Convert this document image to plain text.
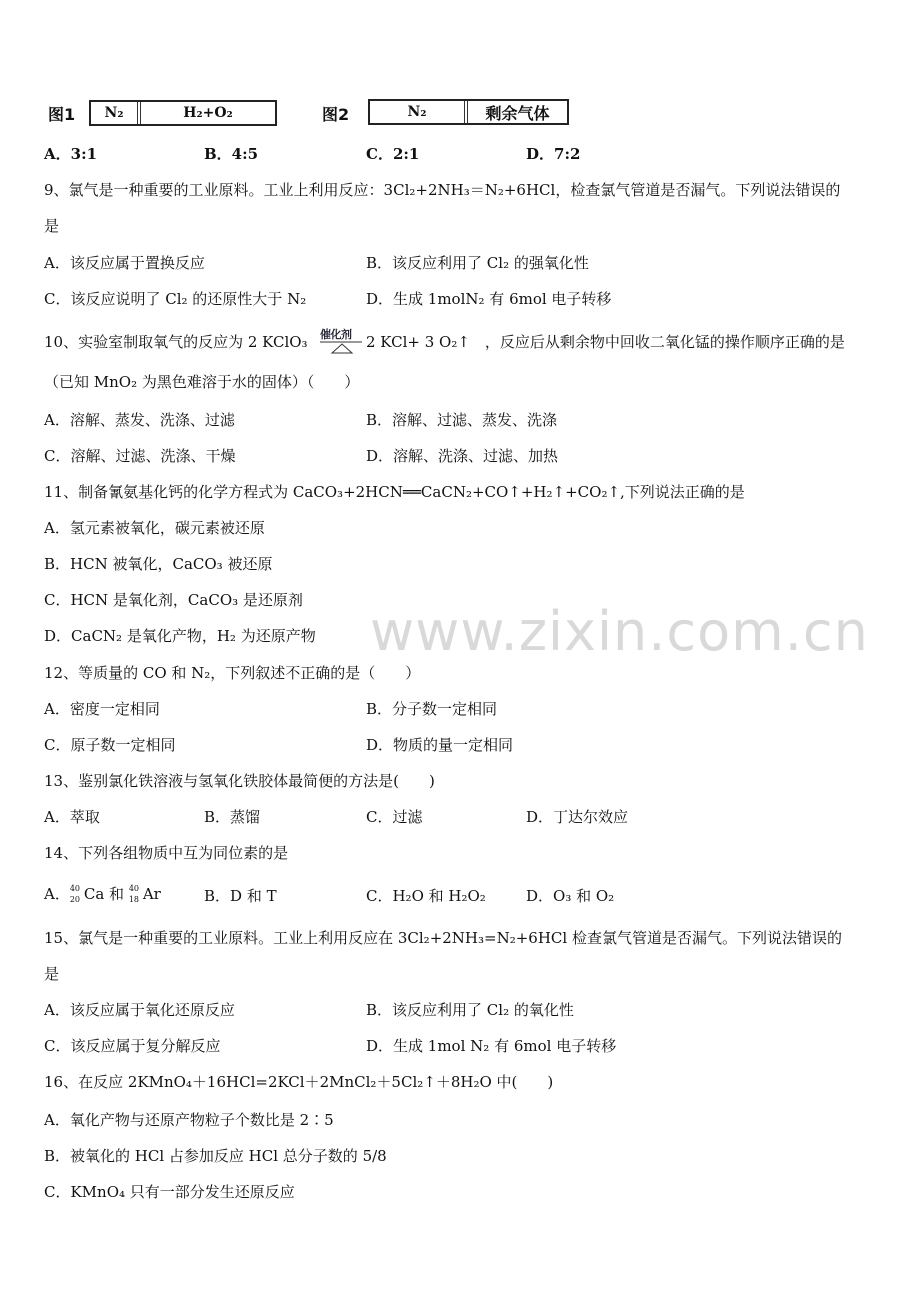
图1	N₂	H₂+O₂	图2	N₂	剩余气体
A．3:1	B．4:5	C．2:1	D．7:2
9、氯气是一种重要的工业原料。工业上利用反应：3Cl₂+2NH₃＝N₂+6HCl，检查氯气管道是否漏气。下列说法错误的
是
A．该反应属于置换反应	B．该反应利用了 Cl₂ 的强氧化性
C．该反应说明了 Cl₂ 的还原性大于 N₂	D．生成 1molN₂ 有 6mol 电子转移
10、实验室制取氧气的反应为 2 KClO₃ 催化剂 2 KCl+ 3 O₂↑　，反应后从剩余物中回收二氧化锰的操作顺序正确的是
（已知 MnO₂ 为黑色难溶于水的固体）（　　）
A．溶解、蒸发、洗涤、过滤	B．溶解、过滤、蒸发、洗涤
C．溶解、过滤、洗涤、干燥	D．溶解、洗涤、过滤、加热
11、制备氰氨基化钙的化学方程式为 CaCO₃+2HCN══CaCN₂+CO↑+H₂↑+CO₂↑,下列说法正确的是
A．氢元素被氧化，碳元素被还原
B．HCN 被氧化，CaCO₃ 被还原
C．HCN 是氧化剂，CaCO₃ 是还原剂
D．CaCN₂ 是氧化产物，H₂ 为还原产物 www.zixin.com.cn
12、等质量的 CO 和 N₂，下列叙述不正确的是（　　）
A．密度一定相同	B．分子数一定相同
C．原子数一定相同	D．物质的量一定相同
13、鉴别氯化铁溶液与氢氧化铁胶体最简便的方法是(　　)
A．萃取	B．蒸馏	C．过滤	D．丁达尔效应
14、下列各组物质中互为同位素的是
A． 40
20 Ca 和 40
18 Ar	B．D 和 T	C．H₂O 和 H₂O₂	D．O₃ 和 O₂
15、氯气是一种重要的工业原料。工业上利用反应在 3Cl₂+2NH₃=N₂+6HCl 检查氯气管道是否漏气。下列说法错误的
是
A．该反应属于氧化还原反应	B．该反应利用了 Cl₂ 的氧化性
C．该反应属于复分解反应	D．生成 1mol N₂ 有 6mol 电子转移
16、在反应 2KMnO₄＋16HCl=2KCl＋2MnCl₂＋5Cl₂↑＋8H₂O 中(　　)
A．氧化产物与还原产物粒子个数比是 2∶5
B．被氧化的 HCl 占参加反应 HCl 总分子数的 5/8
C．KMnO₄ 只有一部分发生还原反应
